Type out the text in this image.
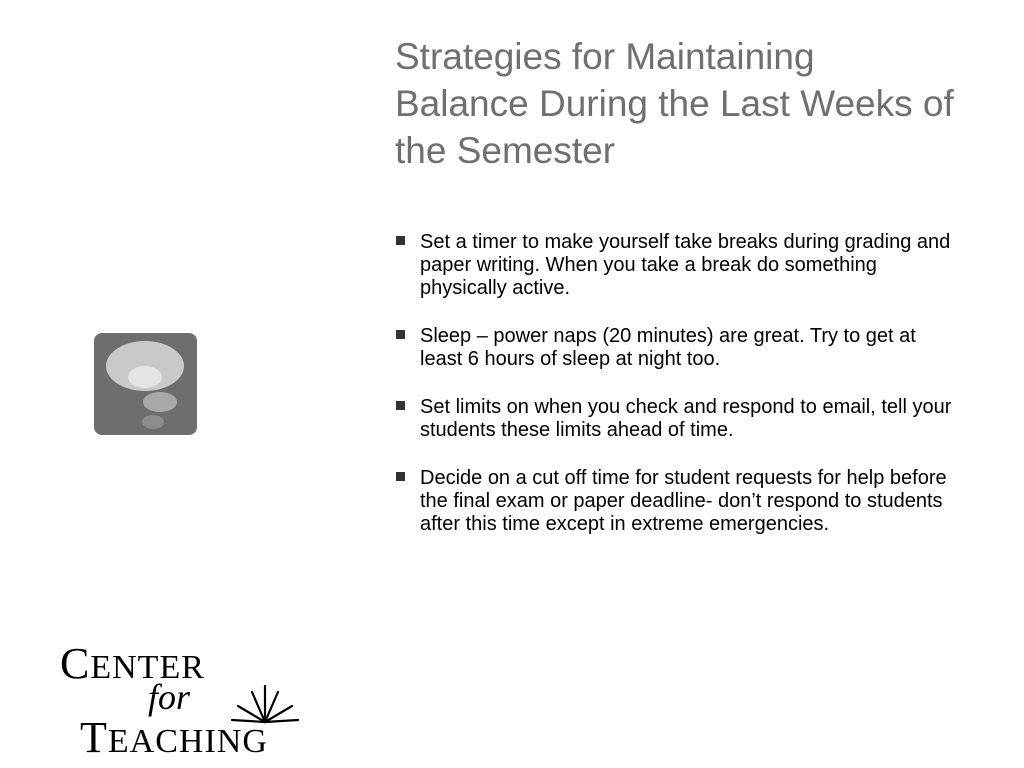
Strategies for Maintaining Balance During the Last Weeks of the Semester
Set a timer to make yourself take breaks during grading and paper writing. When you take a break do something physically active.
Sleep – power naps (20 minutes) are great. Try to get at least 6 hours of sleep at night too.
Set limits on when you check and respond to email, tell your students these limits ahead of time.
Decide on a cut off time for student requests for help before the final exam or paper deadline- don’t respond to students after this time except in extreme emergencies.
CENTER
for
TEACHING
